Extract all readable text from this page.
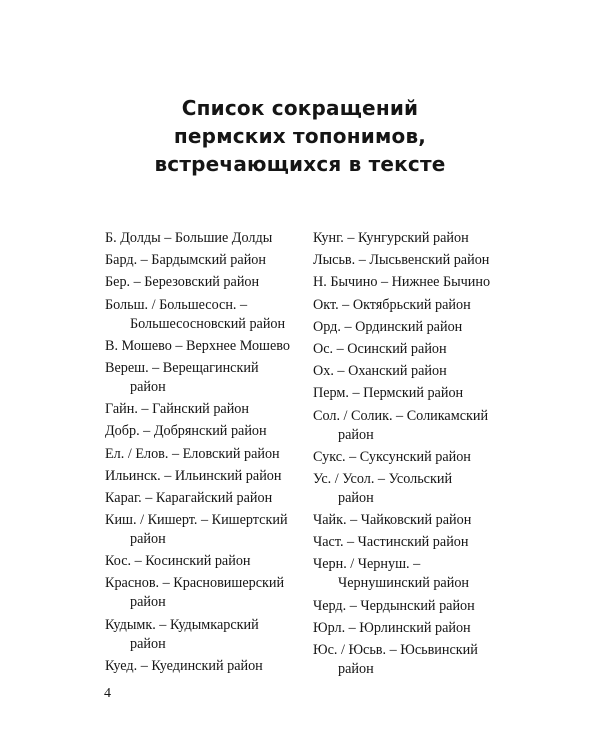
Список сокращений
пермских топонимов,
встречающихся в тексте
Б. Долды – Большие Долды
Бард. – Бардымский район
Бер. – Березовский район
Больш. / Большесосн. –
Большесосновский район
В. Мошево – Верхнее Мошево
Вереш. – Верещагинский
район
Гайн. – Гайнский район
Добр. – Добрянский район
Ел. / Елов. – Еловский район
Ильинск. – Ильинский район
Караг. – Карагайский район
Киш. / Кишерт. – Кишертский
район
Кос. – Косинский район
Краснов. – Красновишерский
район
Кудымк. – Кудымкарский
район
Куед. – Куединский район
Кунг. – Кунгурский район
Лысьв. – Лысьвенский район
Н. Бычино – Нижнее Бычино
Окт. – Октябрьский район
Орд. – Ординский район
Ос. – Осинский район
Ох. – Оханский район
Перм. – Пермский район
Сол. / Солик. – Соликамский
район
Сукс. – Суксунский район
Ус. / Усол. – Усольский
район
Чайк. – Чайковский район
Част. – Частинский район
Черн. / Чернуш. –
Чернушинский район
Черд. – Чердынский район
Юрл. – Юрлинский район
Юс. / Юсьв. – Юсьвинский
район
4
